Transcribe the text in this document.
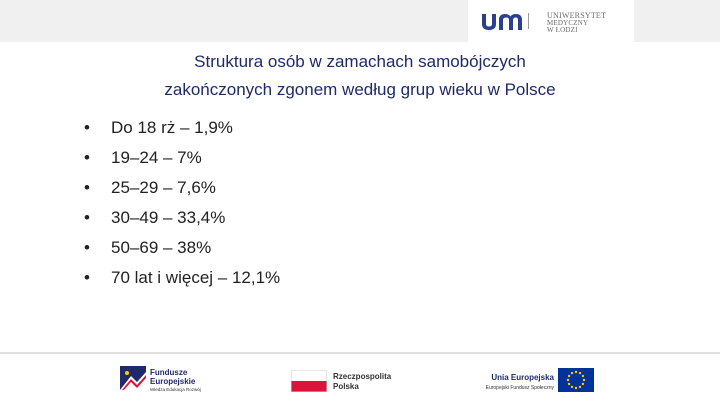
UNIWERSYTET
MEDYCZNY
W ŁODZI
Struktura osób w zamachach samobójczych
zakończonych zgonem według grup wieku w Polsce
• Do 18 rż – 1,9%
• 19–24 – 7%
• 25–29 – 7,6%
• 30–49 – 33,4%
• 50–69 – 38%
• 70 lat i więcej – 12,1%
Fundusze
Europejskie
Wiedza Edukacja Rozwój
Rzeczpospolita
Polska
Unia Europejska
Europejski Fundusz Społeczny
